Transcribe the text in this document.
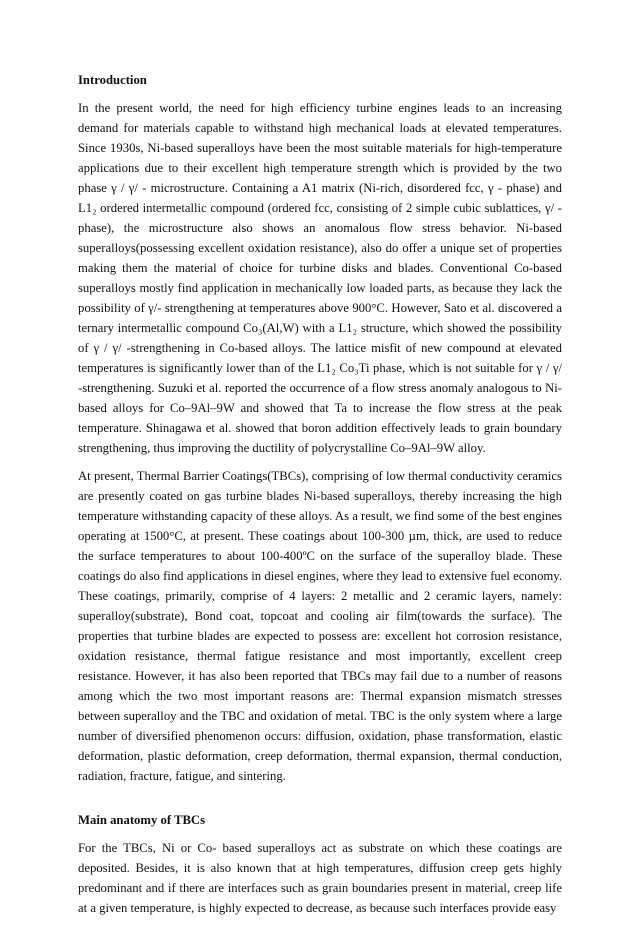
Introduction

In the present world, the need for high efficiency turbine engines leads to an increasing demand for materials capable to withstand high mechanical loads at elevated temperatures. Since 1930s, Ni-based superalloys have been the most suitable materials for high-temperature applications due to their excellent high temperature strength which is provided by the two phase γ / γ/ - microstructure. Containing a A1 matrix (Ni-rich, disordered fcc, γ - phase) and L1₂ ordered intermetallic compound (ordered fcc, consisting of 2 simple cubic sublattices, γ/ -phase), the microstructure also shows an anomalous flow stress behavior. Ni-based superalloys(possessing excellent oxidation resistance), also do offer a unique set of properties making them the material of choice for turbine disks and blades. Conventional Co-based superalloys mostly find application in mechanically low loaded parts, as because they lack the possibility of γ/- strengthening at temperatures above 900°C. However, Sato et al. discovered a ternary intermetallic compound Co₃(Al,W) with a L1₂ structure, which showed the possibility of γ / γ/ -strengthening in Co-based alloys. The lattice misfit of new compound at elevated temperatures is significantly lower than of the L1₂ Co₃Ti phase, which is not suitable for γ / γ/ -strengthening. Suzuki et al. reported the occurrence of a flow stress anomaly analogous to Ni-based alloys for Co–9Al–9W and showed that Ta to increase the flow stress at the peak temperature. Shinagawa et al. showed that boron addition effectively leads to grain boundary strengthening, thus improving the ductility of polycrystalline Co–9Al–9W alloy.

At present, Thermal Barrier Coatings(TBCs), comprising of low thermal conductivity ceramics are presently coated on gas turbine blades Ni-based superalloys, thereby increasing the high temperature withstanding capacity of these alloys. As a result, we find some of the best engines operating at 1500°C, at present. These coatings about 100-300 µm, thick, are used to reduce the surface temperatures to about 100-400ºC on the surface of the superalloy blade. These coatings do also find applications in diesel engines, where they lead to extensive fuel economy. These coatings, primarily, comprise of 4 layers: 2 metallic and 2 ceramic layers, namely: superalloy(substrate), Bond coat, topcoat and cooling air film(towards the surface). The properties that turbine blades are expected to possess are: excellent hot corrosion resistance, oxidation resistance, thermal fatigue resistance and most importantly, excellent creep resistance. However, it has also been reported that TBCs may fail due to a number of reasons among which the two most important reasons are: Thermal expansion mismatch stresses between superalloy and the TBC and oxidation of metal. TBC is the only system where a large number of diversified phenomenon occurs: diffusion, oxidation, phase transformation, elastic deformation, plastic deformation, creep deformation, thermal expansion, thermal conduction, radiation, fracture, fatigue, and sintering.

Main anatomy of TBCs

For the TBCs, Ni or Co- based superalloys act as substrate on which these coatings are deposited. Besides, it is also known that at high temperatures, diffusion creep gets highly predominant and if there are interfaces such as grain boundaries present in material, creep life at a given temperature, is highly expected to decrease, as because such interfaces provide easy
